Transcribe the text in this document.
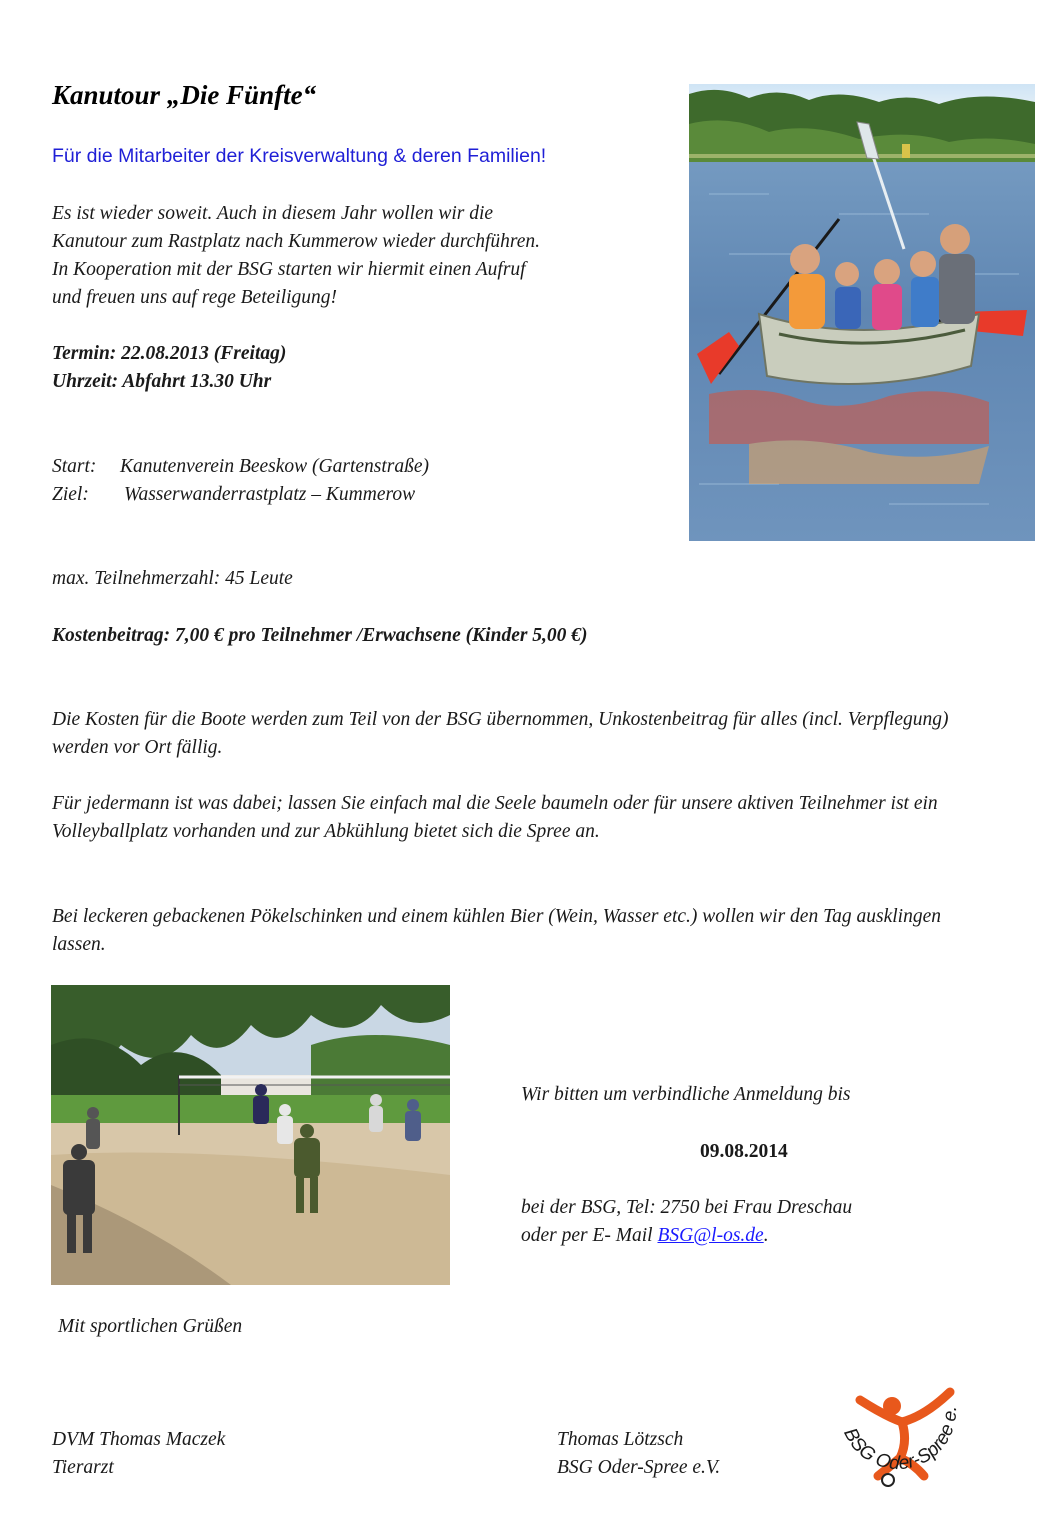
Kanutour „Die Fünfte“
Für die Mitarbeiter der Kreisverwaltung & deren Familien!
Es ist wieder soweit. Auch in diesem Jahr wollen wir die
Kanutour zum Rastplatz nach Kummerow wieder durchführen.
In Kooperation mit der BSG starten wir hiermit einen Aufruf
und freuen uns auf rege Beteiligung!
Termin: 22.08.2013 (Freitag)
Uhrzeit: Abfahrt 13.30 Uhr
Start: Kanutenverein Beeskow (Gartenstraße)
Ziel: Wasserwanderrastplatz – Kummerow
max. Teilnehmerzahl: 45 Leute
Kostenbeitrag: 7,00 € pro Teilnehmer /Erwachsene (Kinder 5,00 €)
Die Kosten für die Boote werden zum Teil von der BSG übernommen, Unkostenbeitrag für alles (incl. Verpflegung) werden vor Ort fällig.
Für jedermann ist was dabei; lassen Sie einfach mal die Seele baumeln oder für unsere aktiven Teilnehmer ist ein Volleyballplatz vorhanden und zur Abkühlung bietet sich die Spree an.
Bei leckeren gebackenen Pökelschinken und einem kühlen Bier (Wein, Wasser etc.) wollen wir den Tag ausklingen lassen.
Wir bitten um verbindliche Anmeldung bis
09.08.2014
bei der BSG, Tel: 2750 bei Frau Dreschau
oder per E- Mail BSG@l-os.de.
Mit sportlichen Grüßen
DVM Thomas Maczek
Tierarzt
Thomas Lötzsch
BSG Oder-Spree e.V.
BSG Oder-Spree e.
